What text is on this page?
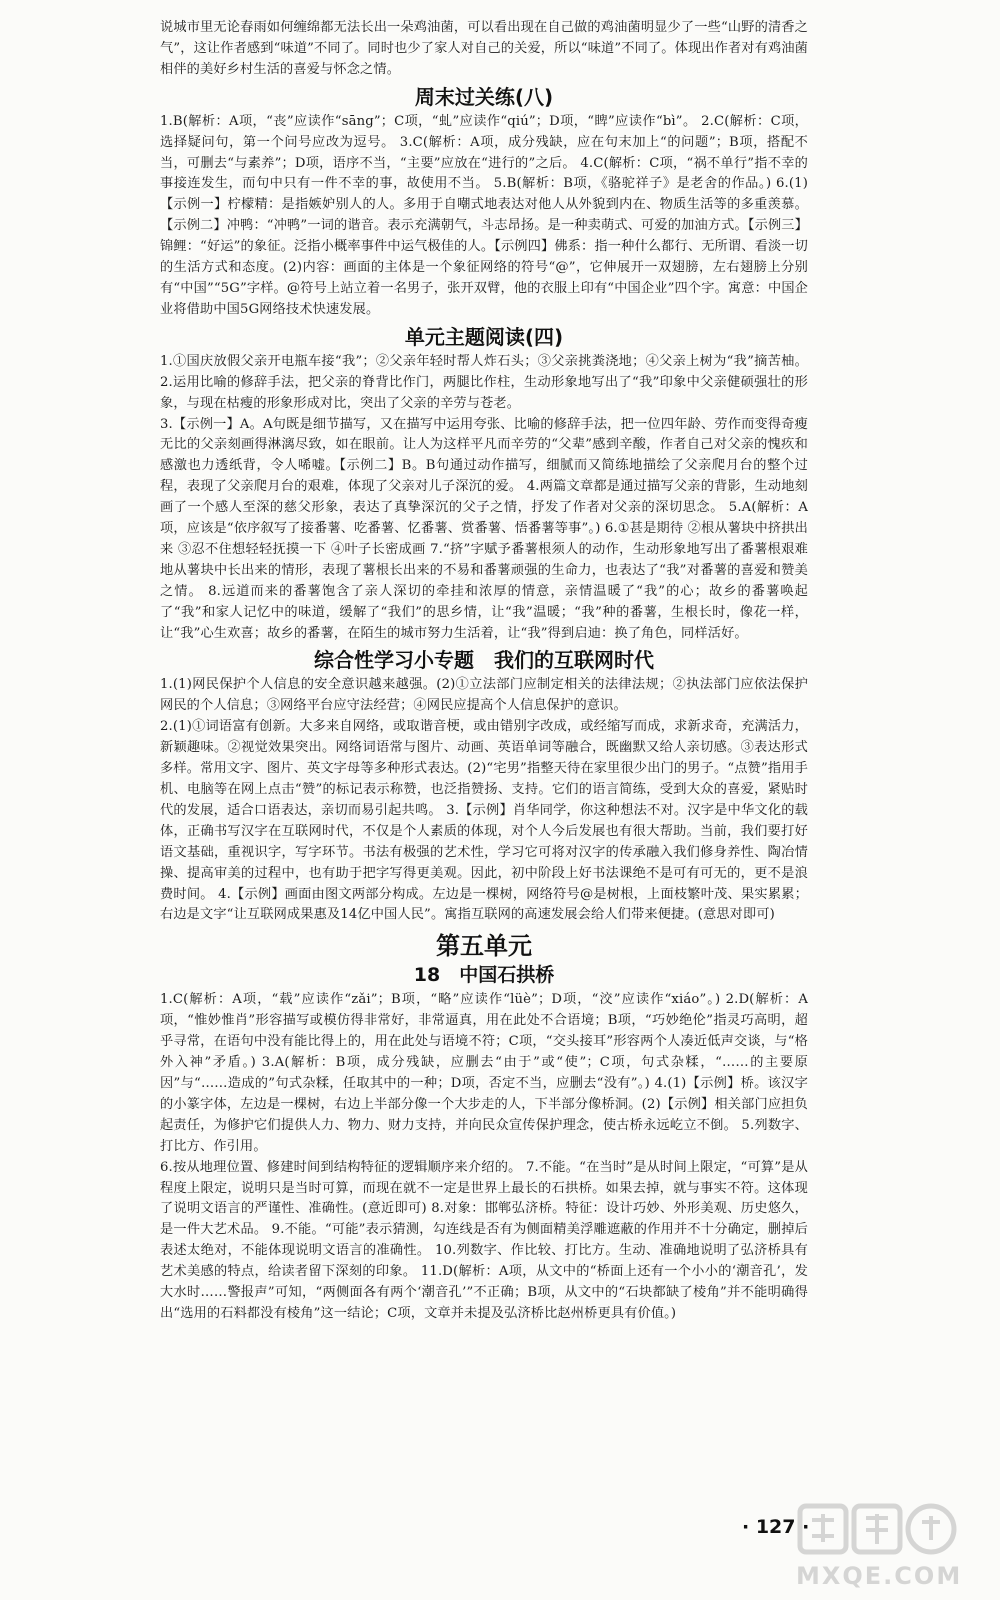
说城市里无论春雨如何缠绵都无法长出一朵鸡油菌，可以看出现在自己做的鸡油菌明显少了一些“山野的清香之气”，这让作者感到“味道”不同了。同时也少了家人对自己的关爱，所以“味道”不同了。体现出作者对有鸡油菌相伴的美好乡村生活的喜爱与怀念之情。

周末过关练(八)

1.B(解析：A项，“丧”应读作“sāng”；C项，“虬”应读作“qiú”；D项，“睥”应读作“bì”。 2.C(解析：C项，选择疑问句，第一个问号应改为逗号。 3.C(解析：A项，成分残缺，应在句末加上“的问题”；B项，搭配不当，可删去“与素养”；D项，语序不当，“主要”应放在“进行的”之后。 4.C(解析：C项，“祸不单行”指不幸的事接连发生，而句中只有一件不幸的事，故使用不当。 5.B(解析：B项，《骆驼祥子》是老舍的作品。) 6.(1)【示例一】柠檬精：是指嫉妒别人的人。多用于自嘲式地表达对他人从外貌到内在、物质生活等的多重羡慕。【示例二】冲鸭：“冲鸭”一词的谐音。表示充满朝气，斗志昂扬。是一种卖萌式、可爱的加油方式。【示例三】锦鲤：“好运”的象征。泛指小概率事件中运气极佳的人。【示例四】佛系：指一种什么都行、无所谓、看淡一切的生活方式和态度。(2)内容：画面的主体是一个象征网络的符号“@”，它伸展开一双翅膀，左右翅膀上分别有“中国”“5G”字样。@符号上站立着一名男子，张开双臂，他的衣服上印有“中国企业”四个字。寓意：中国企业将借助中国5G网络技术快速发展。

单元主题阅读(四)

1.①国庆放假父亲开电瓶车接“我”；②父亲年轻时帮人炸石头；③父亲挑粪浇地；④父亲上树为“我”摘苦柚。 2.运用比喻的修辞手法，把父亲的脊背比作门，两腿比作柱，生动形象地写出了“我”印象中父亲健硕强壮的形象，与现在枯瘦的形象形成对比，突出了父亲的辛劳与苍老。

3.【示例一】A。A句既是细节描写，又在描写中运用夸张、比喻的修辞手法，把一位四年龄、劳作而变得奇瘦无比的父亲刻画得淋漓尽致，如在眼前。让人为这样平凡而辛劳的“父辈”感到辛酸，作者自己对父亲的愧疚和感激也力透纸背，令人唏嘘。【示例二】B。B句通过动作描写，细腻而又简练地描绘了父亲爬月台的整个过程，表现了父亲爬月台的艰难，体现了父亲对儿子深沉的爱。 4.两篇文章都是通过描写父亲的背影，生动地刻画了一个感人至深的慈父形象，表达了真挚深沉的父子之情，抒发了作者对父亲的深切思念。 5.A(解析：A项，应该是“依序叙写了接番薯、吃番薯、忆番薯、赏番薯、悟番薯等事”。) 6.①甚是期待 ②根从薯块中挤拱出来 ③忍不住想轻轻抚摸一下 ④叶子长密成画 7.“挤”字赋予番薯根须人的动作，生动形象地写出了番薯根艰难地从薯块中长出来的情形，表现了薯根长出来的不易和番薯顽强的生命力，也表达了“我”对番薯的喜爱和赞美之情。 8.远道而来的番薯饱含了亲人深切的牵挂和浓厚的情意，亲情温暖了“我”的心；故乡的番薯唤起了“我”和家人记忆中的味道，缓解了“我们”的思乡情，让“我”温暖；“我”种的番薯，生根长时，像花一样，让“我”心生欢喜；故乡的番薯，在陌生的城市努力生活着，让“我”得到启迪：换了角色，同样活好。

综合性学习小专题　我们的互联网时代

1.(1)网民保护个人信息的安全意识越来越强。(2)①立法部门应制定相关的法律法规；②执法部门应依法保护网民的个人信息；③网络平台应守法经营；④网民应提高个人信息保护的意识。

2.(1)①词语富有创新。大多来自网络，或取谐音梗，或由错别字改成，或经缩写而成，求新求奇，充满活力，新颖趣味。②视觉效果突出。网络词语常与图片、动画、英语单词等融合，既幽默又给人亲切感。③表达形式多样。常用文字、图片、英文字母等多种形式表达。(2)“宅男”指整天待在家里很少出门的男子。“点赞”指用手机、电脑等在网上点击“赞”的标记表示称赞，也泛指赞扬、支持。它们的语言简练，受到大众的喜爱，紧贴时代的发展，适合口语表达，亲切而易引起共鸣。 3.【示例】肖华同学，你这种想法不对。汉字是中华文化的载体，正确书写汉字在互联网时代，不仅是个人素质的体现，对个人今后发展也有很大帮助。当前，我们要打好语文基础，重视识字，写字环节。书法有极强的艺术性，学习它可将对汉字的传承融入我们修身养性、陶冶情操、提高审美的过程中，也有助于把字写得更美观。因此，初中阶段上好书法课绝不是可有可无的，更不是浪费时间。 4.【示例】画面由图文两部分构成。左边是一棵树，网络符号@是树根，上面枝繁叶茂、果实累累；右边是文字“让互联网成果惠及14亿中国人民”。寓指互联网的高速发展会给人们带来便捷。(意思对即可)

第五单元
18　中国石拱桥

1.C(解析：A项，“载”应读作“zǎi”；B项，“略”应读作“lüè”；D项，“洨”应读作“xiáo”。) 2.D(解析：A项，“惟妙惟肖”形容描写或模仿得非常好，非常逼真，用在此处不合语境；B项，“巧妙绝伦”指灵巧高明，超乎寻常，在语句中没有能比得上的，用在此处与语境不符；C项，“交头接耳”形容两个人凑近低声交谈，与“格外入神”矛盾。) 3.A(解析：B项，成分残缺，应删去“由于”或“使”；C项，句式杂糅，“……的主要原因”与“……造成的”句式杂糅，任取其中的一种；D项，否定不当，应删去“没有”。) 4.(1)【示例】桥。该汉字的小篆字体，左边是一棵树，右边上半部分像一个大步走的人，下半部分像桥洞。(2)【示例】相关部门应担负起责任，为修护它们提供人力、物力、财力支持，并向民众宣传保护理念，使古桥永远屹立不倒。 5.列数字、打比方、作引用。

6.按从地理位置、修建时间到结构特征的逻辑顺序来介绍的。 7.不能。“在当时”是从时间上限定，“可算”是从程度上限定，说明只是当时可算，而现在就不一定是世界上最长的石拱桥。如果去掉，就与事实不符。这体现了说明文语言的严谨性、准确性。(意近即可) 8.对象：邯郸弘济桥。特征：设计巧妙、外形美观、历史悠久，是一件大艺术品。 9.不能。“可能”表示猜测，勾连线是否有为侧面精美浮雕遮蔽的作用并不十分确定，删掉后表述太绝对，不能体现说明文语言的准确性。 10.列数字、作比较、打比方。生动、准确地说明了弘济桥具有艺术美感的特点，给读者留下深刻的印象。 11.D(解析：A项，从文中的“桥面上还有一个小小的‘潮音孔’，发大水时……警报声”可知，“两侧面各有两个‘潮音孔’”不正确；B项，从文中的“石块都缺了棱角”并不能明确得出“选用的石料都没有棱角”这一结论；C项，文章并未提及弘济桥比赵州桥更具有价值。)

· 127 ·
MXQE.COM
